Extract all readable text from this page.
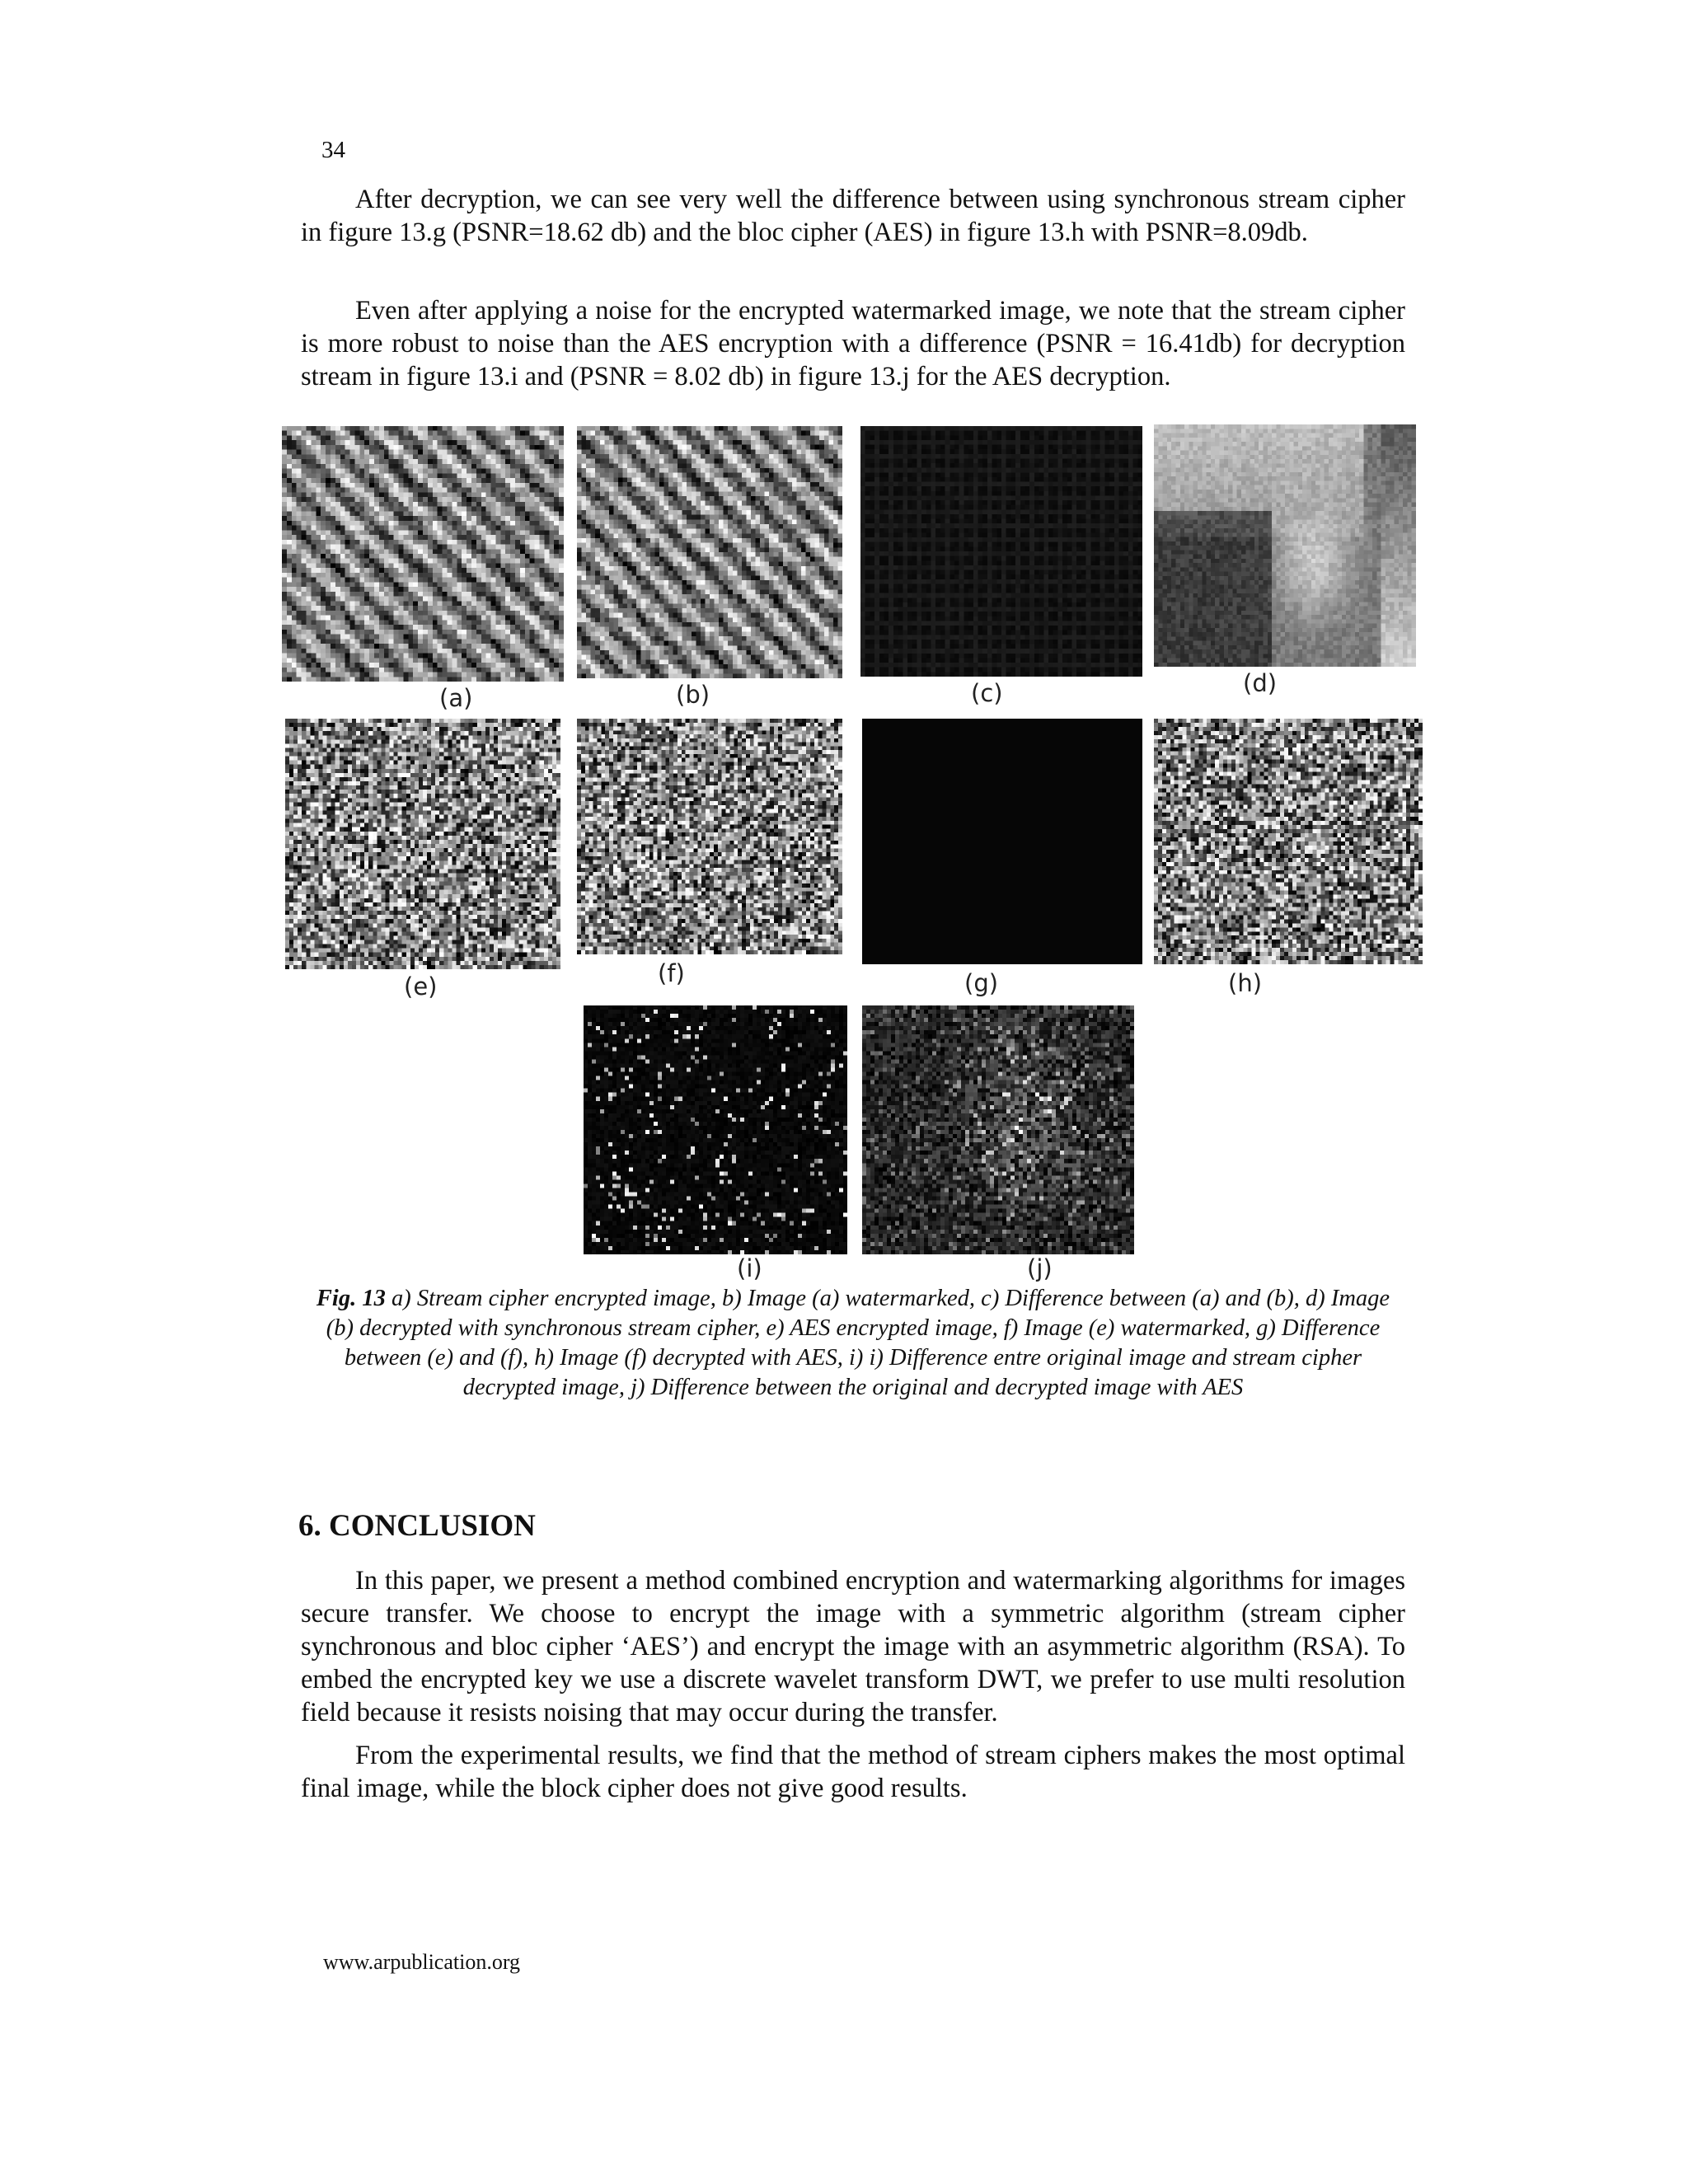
34

After decryption, we can see very well the difference between using synchronous stream cipher in figure 13.g (PSNR=18.62 db) and the bloc cipher (AES) in figure 13.h with PSNR=8.09db.

Even after applying a noise for the encrypted watermarked image, we note that the stream cipher is more robust to noise than the AES encryption with a difference (PSNR = 16.41db) for decryption stream in figure 13.i and (PSNR = 8.02 db) in figure 13.j for the AES decryption.

(a)	(b)	(c)	(d)
(e)	(f)	(g)	(h)
(i)	(j)

Fig. 13 a) Stream cipher encrypted image, b) Image (a) watermarked, c) Difference between (a) and (b), d) Image (b) decrypted with synchronous stream cipher, e) AES encrypted image, f) Image (e) watermarked, g) Difference between (e) and (f), h) Image (f) decrypted with AES, i) i) Difference entre original image and stream cipher decrypted image, j) Difference between the original and decrypted image with AES

6. CONCLUSION

In this paper, we present a method combined encryption and watermarking algorithms for images secure transfer. We choose to encrypt the image with a symmetric algorithm (stream cipher synchronous and bloc cipher ‘AES’) and encrypt the image with an asymmetric algorithm (RSA). To embed the encrypted key we use a discrete wavelet transform DWT, we prefer to use multi resolution field because it resists noising that may occur during the transfer.

From the experimental results, we find that the method of stream ciphers makes the most optimal final image, while the block cipher does not give good results.

www.arpublication.org
